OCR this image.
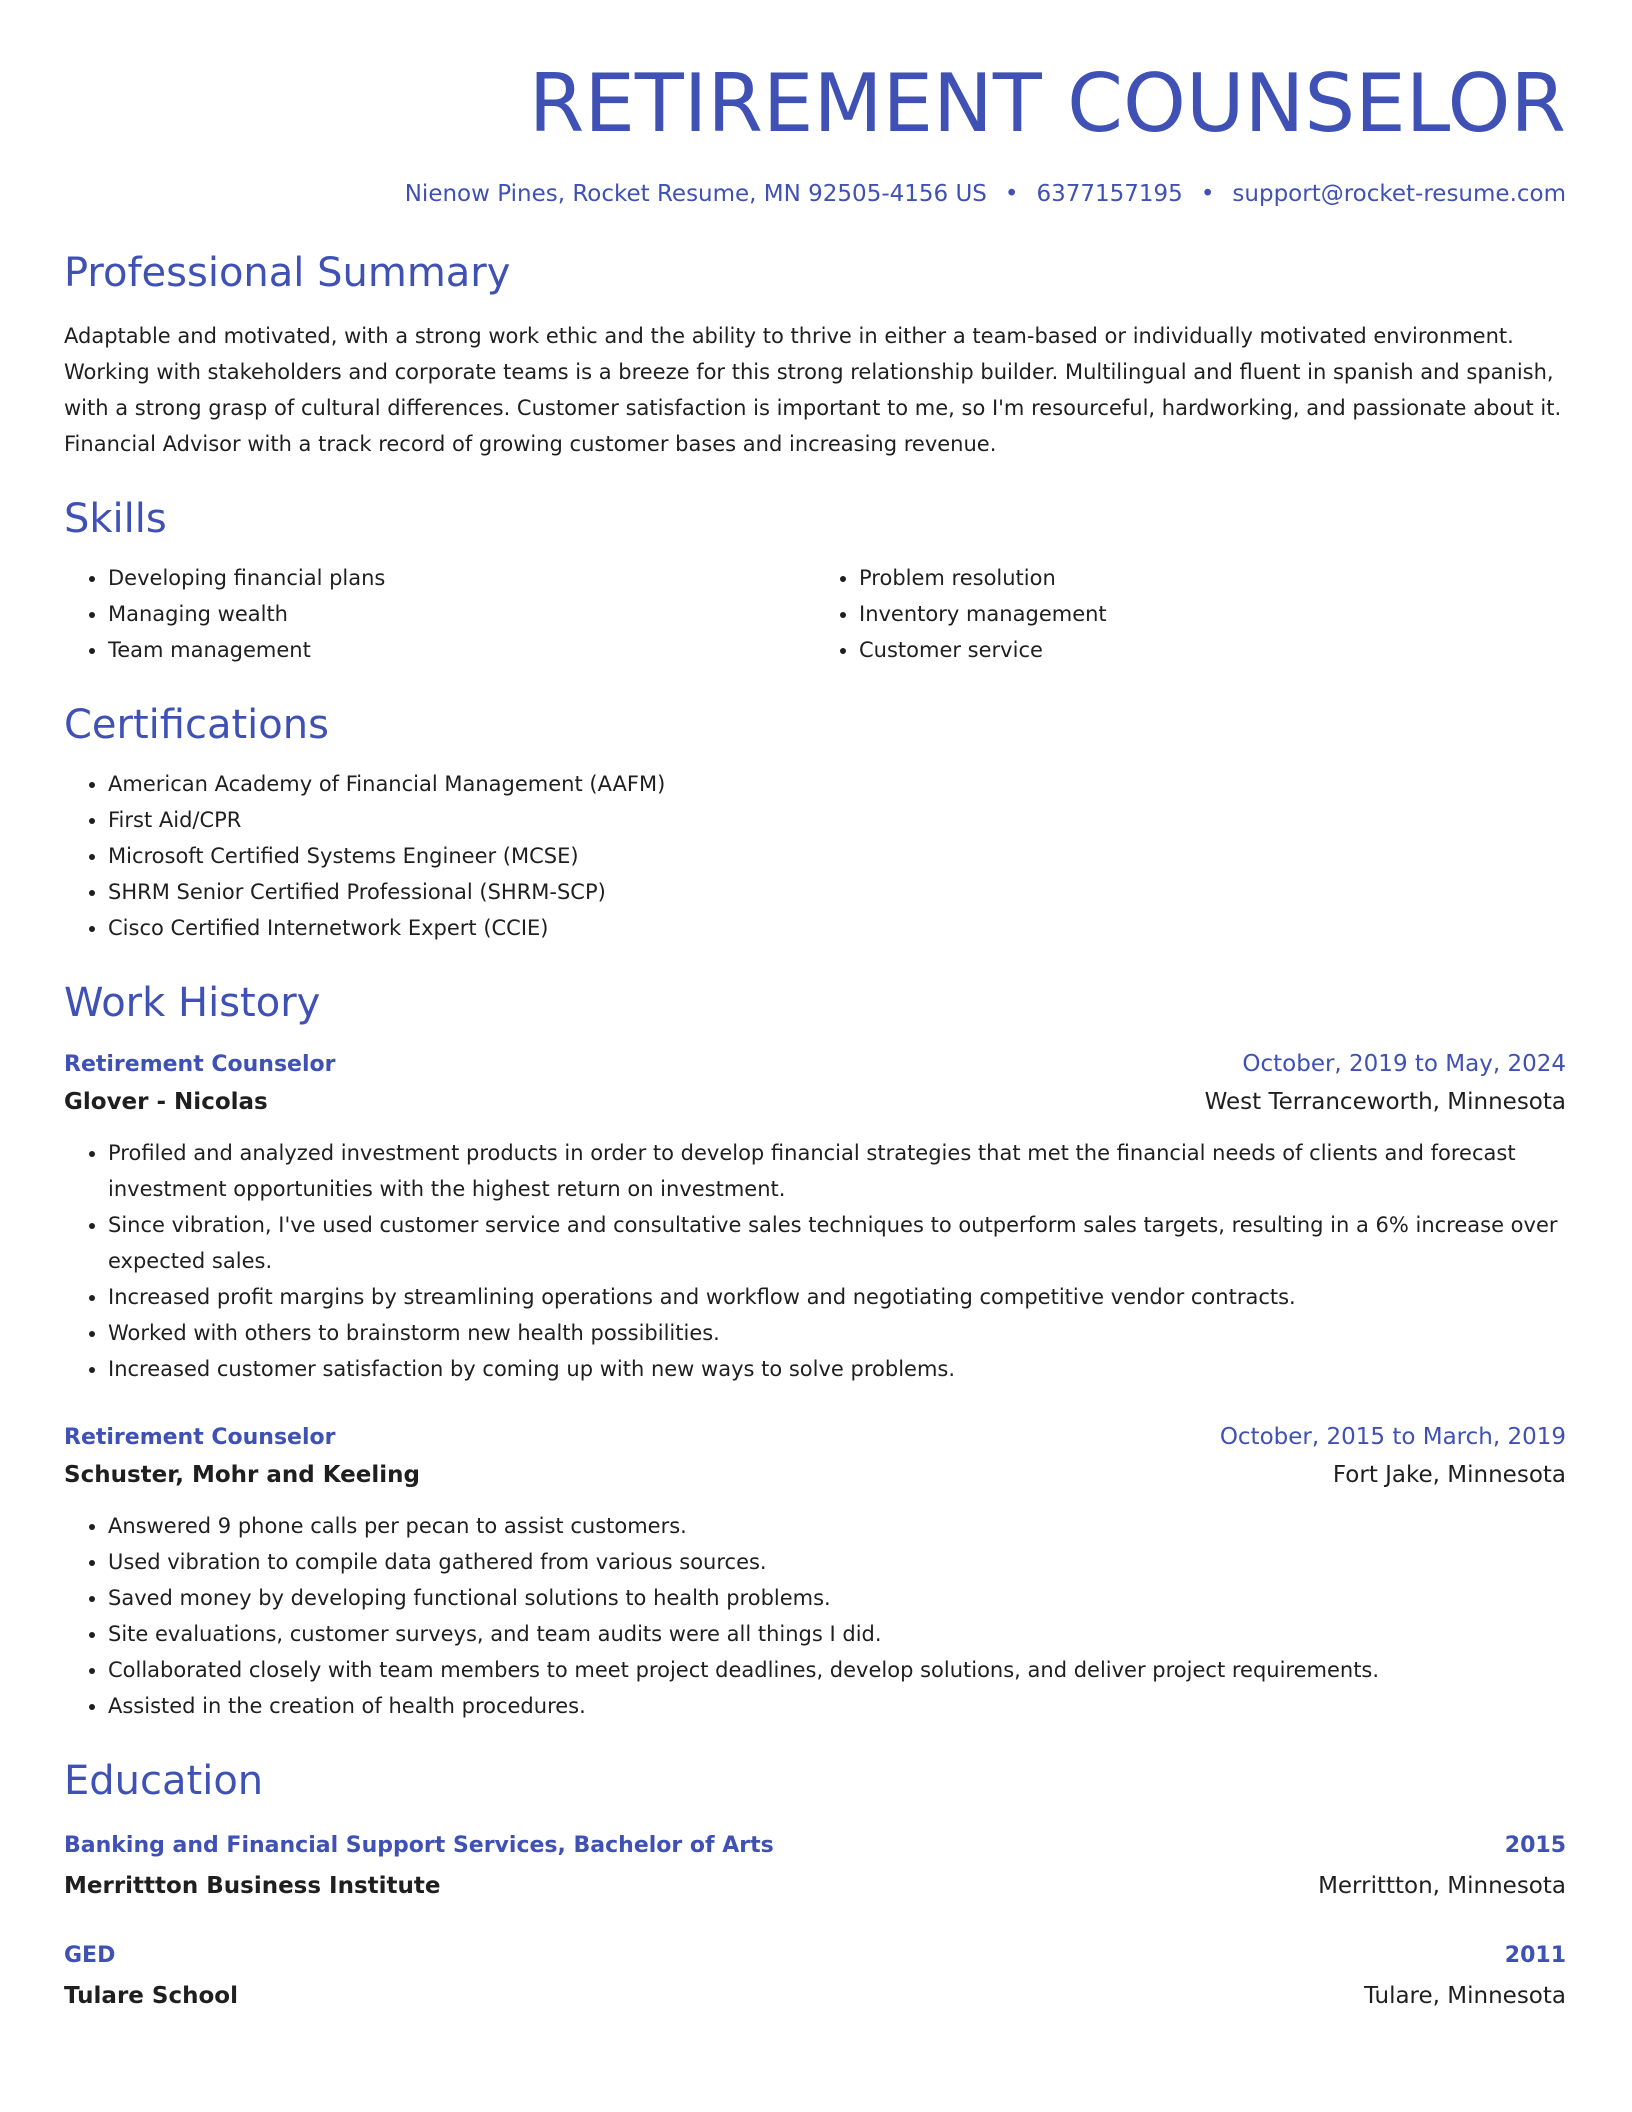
RETIREMENT COUNSELOR
Nienow Pines, Rocket Resume, MN 92505-4156 US • 6377157195 • support@rocket-resume.com
Professional Summary

Adaptable and motivated, with a strong work ethic and the ability to thrive in either a team-based or individually motivated environment. Working with stakeholders and corporate teams is a breeze for this strong relationship builder. Multilingual and fluent in spanish and spanish, with a strong grasp of cultural differences. Customer satisfaction is important to me, so I'm resourceful, hardworking, and passionate about it. Financial Advisor with a track record of growing customer bases and increasing revenue.

Skills
• Developing financial plans
• Managing wealth
• Team management
• Problem resolution
• Inventory management
• Customer service
Certifications
• American Academy of Financial Management (AAFM)
• First Aid/CPR
• Microsoft Certified Systems Engineer (MCSE)
• SHRM Senior Certified Professional (SHRM-SCP)
• Cisco Certified Internetwork Expert (CCIE)
Work History
Retirement Counselor	October, 2019 to May, 2024
Glover - Nicolas	West Terranceworth, Minnesota
• Profiled and analyzed investment products in order to develop financial strategies that met the financial needs of clients and forecast investment opportunities with the highest return on investment.
• Since vibration, I've used customer service and consultative sales techniques to outperform sales targets, resulting in a 6% increase over expected sales.
• Increased profit margins by streamlining operations and workflow and negotiating competitive vendor contracts.
• Worked with others to brainstorm new health possibilities.
• Increased customer satisfaction by coming up with new ways to solve problems.
Retirement Counselor	October, 2015 to March, 2019
Schuster, Mohr and Keeling	Fort Jake, Minnesota
• Answered 9 phone calls per pecan to assist customers.
• Used vibration to compile data gathered from various sources.
• Saved money by developing functional solutions to health problems.
• Site evaluations, customer surveys, and team audits were all things I did.
• Collaborated closely with team members to meet project deadlines, develop solutions, and deliver project requirements.
• Assisted in the creation of health procedures.
Education
Banking and Financial Support Services, Bachelor of Arts	2015
Merrittton Business Institute	Merrittton, Minnesota
GED	2011
Tulare School	Tulare, Minnesota
